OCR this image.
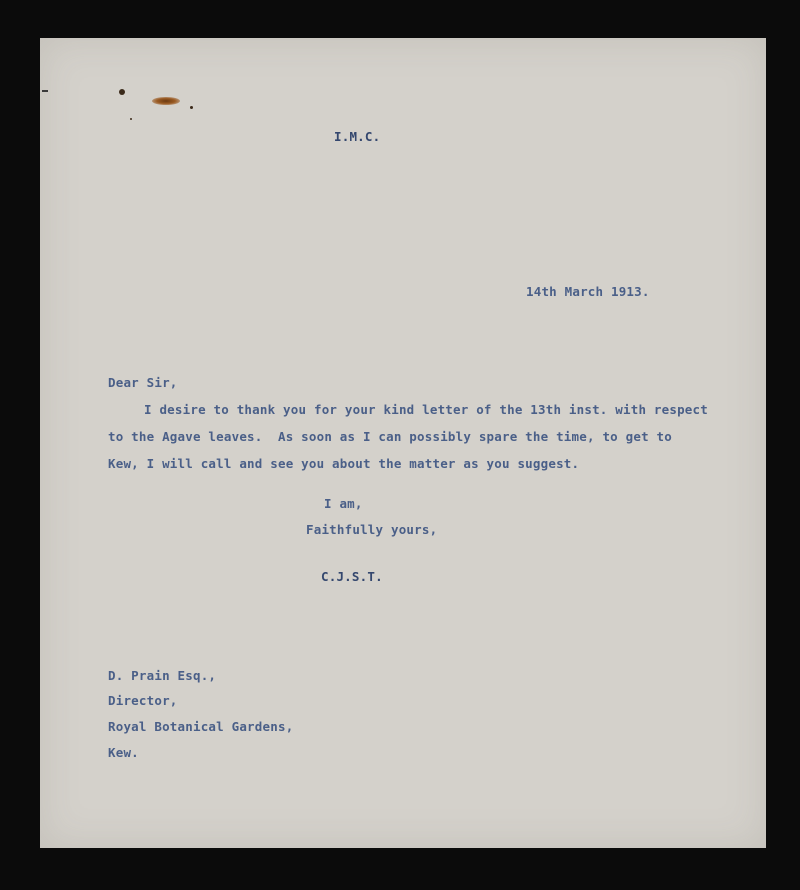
I.M.C.
14th March 1913.
Dear Sir,
I desire to thank you for your kind letter of the 13th inst. with respect
to the Agave leaves.  As soon as I can possibly spare the time, to get to
Kew, I will call and see you about the matter as you suggest.
I am,
Faithfully yours,
C.J.S.T.
D. Prain Esq.,
Director,
Royal Botanical Gardens,
Kew.
